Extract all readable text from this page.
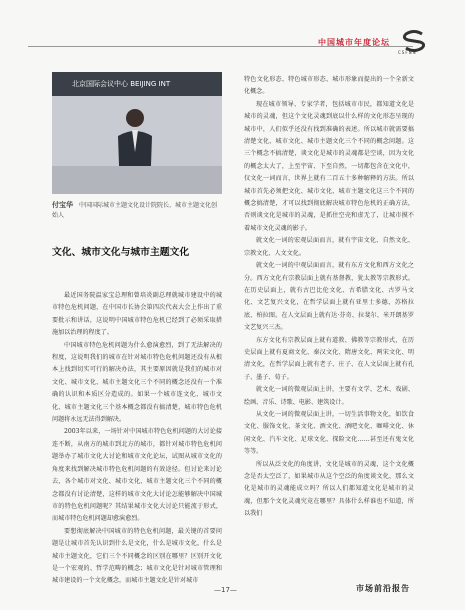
中国城市年度论坛
CSFNN
北京国际会议中心 BEIJING INT
付宝华 中国国际城市主题文化设计院院长、城市主题文化创始人
文化、城市文化与城市主题文化

最近国务院温家宝总理和曾培炎副总理就城市建设中的城市特色危机问题，在中国市长协会第四次代表大会上作出了重要批示和讲话，这说明中国城市特色危机已经到了必须采取措施加以治理的程度了。

中国城市特色危机问题为什么愈演愈烈，到了无法解决的程度，这说明我们的城市在针对城市特色危机问题还没有从根本上找到切实可行的解决办法，其主要原因就是我们的城市对文化、城市文化、城市主题文化三个不同的概念还没有一个准确的认识和本质区分造成的。如果一个城市连文化、城市文化、城市主题文化三个基本概念都没有搞清楚，城市特色危机问题将永远无法得到解决。

2003年以来，一场针对中国城市特色危机问题的大讨论接连不断，从南方的城市到北方的城市，都针对城市特色危机问题举办了城市文化大讨论和城市文化论坛，试图从城市文化的角度来找到解决城市特色危机问题的有效途径。但讨论来讨论去，各个城市对文化、城市文化、城市主题文化三个不同的概念都没有讨论清楚，这样的城市文化大讨论怎能够解决中国城市的特色危机问题呢？其结果城市文化大讨论只能流于形式，而城市特色危机问题却愈演愈烈。

要想彻底解决中国城市的特色危机问题，最关键的首要问题是让城市首先认识到什么是文化，什么是城市文化，什么是城市主题文化，它们三个不同概念的区别在哪里？区别开文化是一个宏观的、哲学范畴的概念；城市文化是针对城市管理和城市建设的一个文化概念，而城市主题文化是针对城市

特色文化形态、特色城市形态、城市形象而提出的一个全新文化概念。

现在城市领导、专家学者，包括城市市民，都知道文化是城市的灵魂，但这个文化灵魂到底以什么样的文化形态呈现的城市中，人们似乎还没有找到准确的表述。所以城市就需要搞清楚文化、城市文化、城市主题文化三个不同的概念问题。这三个概念不搞清楚，谈文化是城市的灵魂都是空谈，因为文化的概念太大了，上至宇宙、下至自然，一切都包含在文化中，仅文化一词而言，世界上就有二百五十多种解释的方法。所以城市首先必须把文化、城市文化、城市主题文化这三个不同的概念搞清楚，才可以找到彻底解决城市特色危机的正确方法，否则谈文化是城市的灵魂，是抓住空壳和虚无了，让城市摸不着城市文化灵魂的影子。

就文化一词的宏观层面而言，就有宇宙文化、自然文化、宗教文化、人文文化。

就文化一词的中观层面而言，就有东方文化和西方文化之分。西方文化有宗教层面上就有基督教、犹太教等宗教形式。在历史层面上，就有古巴比伦文化、古希腊文化、古罗马文化、文艺复兴文化，在哲学层面上就有亚里士多德、苏格拉底、柏拉图。在人文层面上就有达·芬奇、拉斐尔、米开朗基罗文艺复兴三杰。

东方文化有宗教层面上就有道教、佛教等宗教形式，在历史层面上就有夏商文化、秦汉文化、隋唐文化、两宋文化、明清文化，在哲学层面上就有老子、庄子、在人文层面上就有孔子、墨子、荀子。

就文化一词的微观层面上讲，主要有文学、艺术、戏剧、绘画、音乐、诗歌、电影、建筑设计。

从文化一词的微观层面上讲，一切生活事物文化，如饮食文化、服饰文化、茶文化、酒文化、酒吧文化、咖啡文化、休闲文化、汽车文化、足球文化、探险文化……甚至还有鬼文化等等。

所以从泛文化的角度讲，文化是城市的灵魂，这个文化概念是否太空泛了，如果城市从这个空泛的角度谈文化，那么文化是城市的灵魂能成立吗？所以人们都知道文化是城市的灵魂，但那个文化灵魂究竟在哪里？具体什么样谁也不知道，所以我们

—17—	市场前沿报告
